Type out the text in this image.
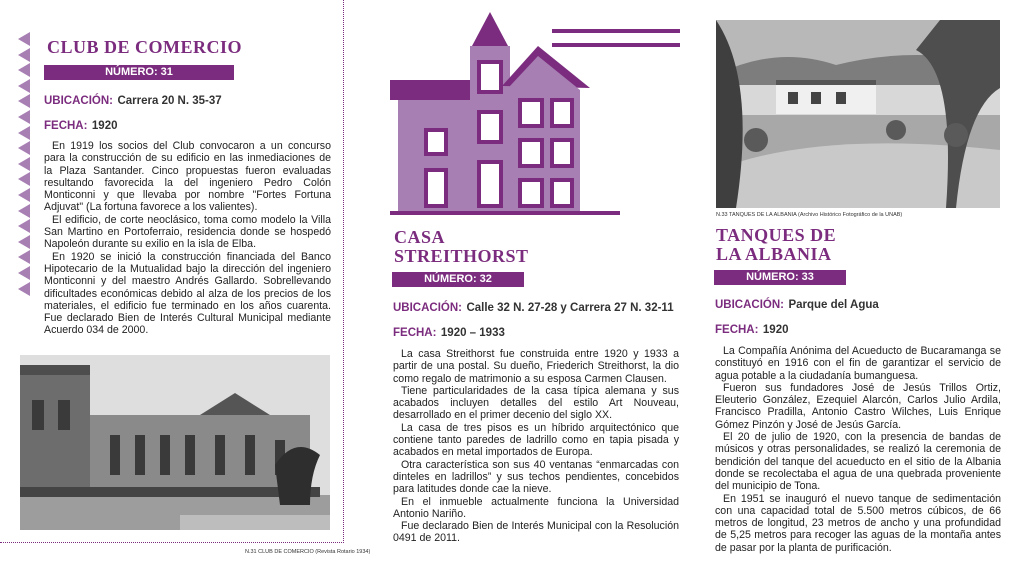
CLUB DE COMERCIO
NÚMERO: 31
UBICACIÓN: Carrera 20 N. 35-37
FECHA: 1920

En 1919 los socios del Club convocaron a un concurso para la construcción de su edificio en las inmediaciones de la Plaza Santander. Cinco propuestas fueron evaluadas resultando favorecida la del ingeniero Pedro Colón Monticonni y que llevaba por nombre "Fortes Fortuna Adjuvat" (La fortuna favorece a los valientes).

El edificio, de corte neoclásico, toma como modelo la Villa San Martino en Portoferraio, residencia donde se hospedó Napoleón durante su exilio en la isla de Elba.

En 1920 se inició la construcción financiada del Banco Hipotecario de la Mutualidad bajo la dirección del ingeniero Monticonni y del maestro Andrés Gallardo. Sobrellevando dificultades económicas debido al alza de los precios de los materiales, el edificio fue terminado en los años cuarenta. Fue declarado Bien de Interés Cultural Municipal mediante Acuerdo 034 de 2000.

N.31 CLUB DE COMERCIO (Revista Rotario 1934)
CASA
STREITHORST
NÚMERO: 32
UBICACIÓN: Calle 32 N. 27-28 y Carrera 27 N. 32-11
FECHA: 1920 – 1933

La casa Streithorst fue construida entre 1920 y 1933 a partir de una postal. Su dueño, Friederich Streithorst, la dio como regalo de matrimonio a su esposa Carmen Clausen.

Tiene particularidades de la casa típica alemana y sus acabados incluyen detalles del estilo Art Nouveau, desarrollado en el primer decenio del siglo XX.

La casa de tres pisos es un híbrido arquitectónico que contiene tanto paredes de ladrillo como en tapia pisada y acabados en metal importados de Europa.

Otra característica son sus 40 ventanas “enmarcadas con dinteles en ladrillos” y sus techos pendientes, concebidos para latitudes donde cae la nieve.

En el inmueble actualmente funciona la Universidad Antonio Nariño.

Fue declarado Bien de Interés Municipal con la Resolución 0491 de 2011.

N.33 TANQUES DE LA ALBANIA (Archivo Histórico Fotográfico de la UNAB)
TANQUES DE
LA ALBANIA
NÚMERO: 33
UBICACIÓN: Parque del Agua
FECHA: 1920

La Compañía Anónima del Acueducto de Bucaramanga se constituyó en 1916 con el fin de garantizar el servicio de agua potable a la ciudadanía bumanguesa.

Fueron sus fundadores José de Jesús Trillos Ortiz, Eleuterio González, Ezequiel Alarcón, Carlos Julio Ardila, Francisco Pradilla, Antonio Castro Wilches, Luis Enrique Gómez Pinzón y José de Jesús García.

El 20 de julio de 1920, con la presencia de bandas de músicos y otras personalidades, se realizó la ceremonia de bendición del tanque del acueducto en el sitio de la Albania donde se recolectaba el agua de una quebrada proveniente del municipio de Tona.

En 1951 se inauguró el nuevo tanque de sedimentación con una capacidad total de 5.500 metros cúbicos, de 66 metros de longitud, 23 metros de ancho y una profundidad de 5,25 metros para recoger las aguas de la montaña antes de pasar por la planta de purificación.
